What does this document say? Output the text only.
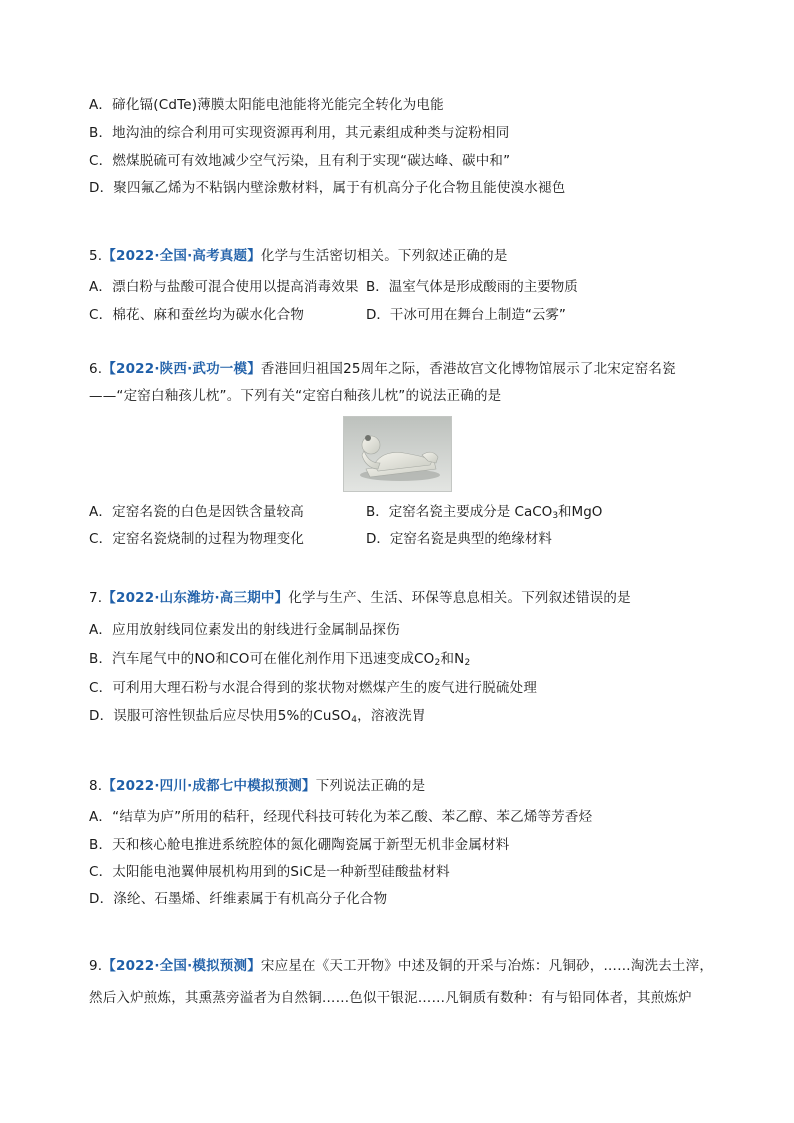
A．碲化镉(CdTe)薄膜太阳能电池能将光能完全转化为电能
B．地沟油的综合利用可实现资源再利用，其元素组成种类与淀粉相同
C．燃煤脱硫可有效地减少空气污染，且有利于实现“碳达峰、碳中和”
D．聚四氟乙烯为不粘锅内壁涂敷材料，属于有机高分子化合物且能使溴水褪色
5.【2022·全国·高考真题】化学与生活密切相关。下列叙述正确的是
A．漂白粉与盐酸可混合使用以提高消毒效果 B．温室气体是形成酸雨的主要物质
C．棉花、麻和蚕丝均为碳水化合物	D．干冰可用在舞台上制造“云雾”
6.【2022·陕西·武功一模】香港回归祖国25周年之际，香港故宫文化博物馆展示了北宋定窑名瓷
——“定窑白釉孩儿枕”。下列有关“定窑白釉孩儿枕”的说法正确的是
A．定窑名瓷的白色是因铁含量较高	B．定窑名瓷主要成分是 CaCO$_3$和MgO
C．定窑名瓷烧制的过程为物理变化	D．定窑名瓷是典型的绝缘材料
7.【2022·山东潍坊·高三期中】化学与生产、生活、环保等息息相关。下列叙述错误的是
A．应用放射线同位素发出的射线进行金属制品探伤
B．汽车尾气中的NO和CO可在催化剂作用下迅速变成$CO_2$和$N_2$
C．可利用大理石粉与水混合得到的浆状物对燃煤产生的废气进行脱硫处理
D．误服可溶性钡盐后应尽快用5%的CuSO$_4$，溶液洗胃
8.【2022·四川·成都七中模拟预测】下列说法正确的是
A．“结草为庐”所用的秸秆，经现代科技可转化为苯乙酸、苯乙醇、苯乙烯等芳香烃
B．天和核心舱电推进系统腔体的氮化硼陶瓷属于新型无机非金属材料
C．太阳能电池翼伸展机构用到的SiC是一种新型硅酸盐材料
D．涤纶、石墨烯、纤维素属于有机高分子化合物
9.【2022·全国·模拟预测】宋应星在《天工开物》中述及铜的开采与冶炼：凡铜砂，……淘洗去土滓，
然后入炉煎炼，其熏蒸旁溢者为自然铜……色似干银泥……凡铜质有数种：有与铅同体者，其煎炼炉
